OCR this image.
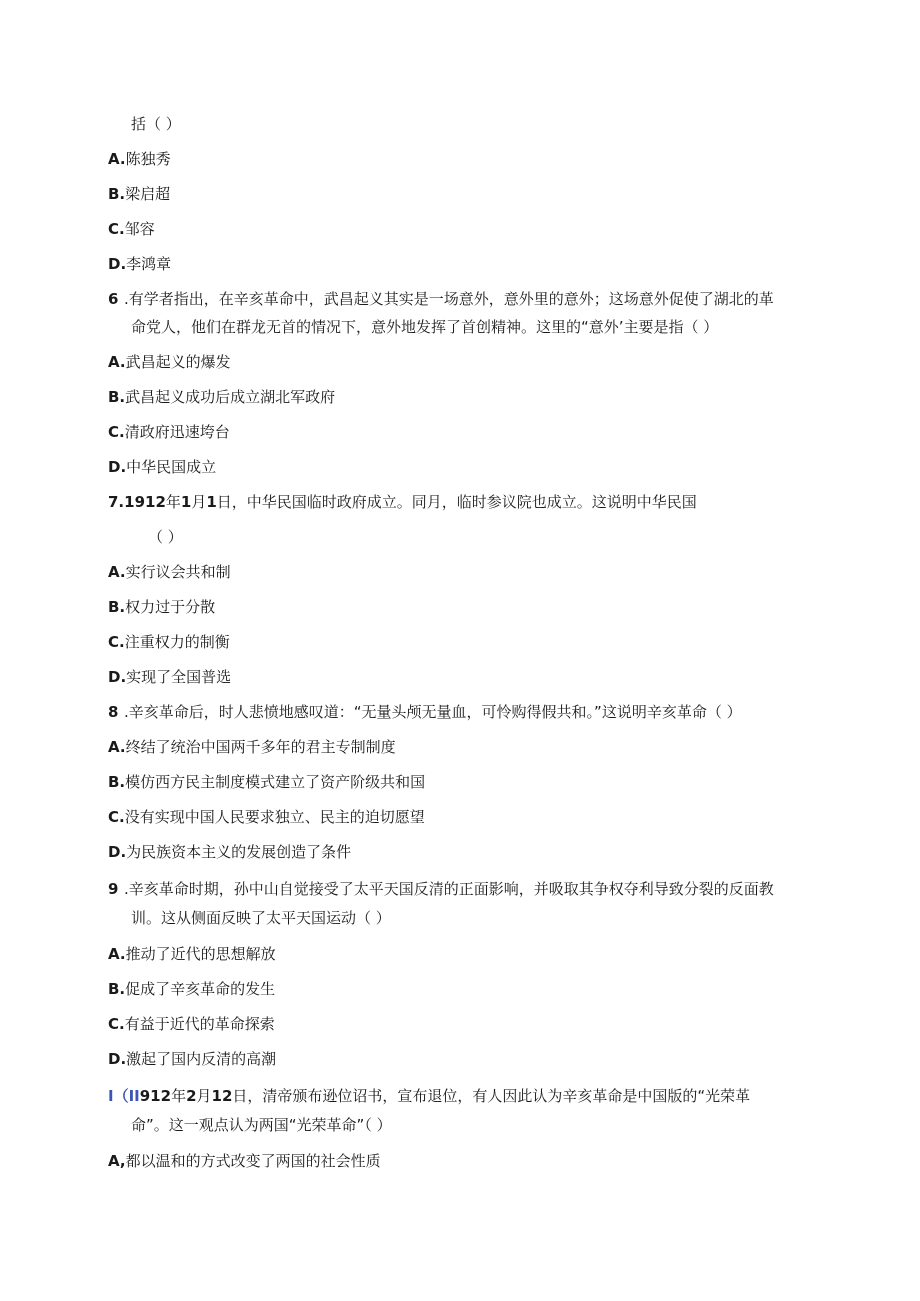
括（ ）
A.陈独秀
B.梁启超
C.邹容
D.李鸿章
6 .有学者指出，在辛亥革命中，武昌起义其实是一场意外，意外里的意外；这场意外促使了湖北的革
命党人，他们在群龙无首的情况下，意外地发挥了首创精神。这里的“意外’主要是指（ ）
A.武昌起义的爆发
B.武昌起义成功后成立湖北军政府
C.清政府迅速垮台
D.中华民国成立
7.1912年1月1日，中华民国临时政府成立。同月，临时参议院也成立。这说明中华民国
（ ）
A.实行议会共和制
B.权力过于分散
C.注重权力的制衡
D.实现了全国普选
8 .辛亥革命后，时人悲愤地感叹道：“无量头颅无量血，可怜购得假共和。”这说明辛亥革命（ ）
A.终结了统治中国两千多年的君主专制制度
B.模仿西方民主制度模式建立了资产阶级共和国
C.没有实现中国人民要求独立、民主的迫切愿望
D.为民族资本主义的发展创造了条件
9 .辛亥革命时期，孙中山自觉接受了太平天国反清的正面影响，并吸取其争权夺利导致分裂的反面教
训。这从侧面反映了太平天国运动（ ）
A.推动了近代的思想解放
B.促成了辛亥革命的发生
C.有益于近代的革命探索
D.激起了国内反清的高潮
I（II912年2月12日，清帝颁布逊位诏书，宣布退位，有人因此认为辛亥革命是中国版的“光荣革
命”。这一观点认为两国“光荣革命”（ ）
A,都以温和的方式改变了两国的社会性质
